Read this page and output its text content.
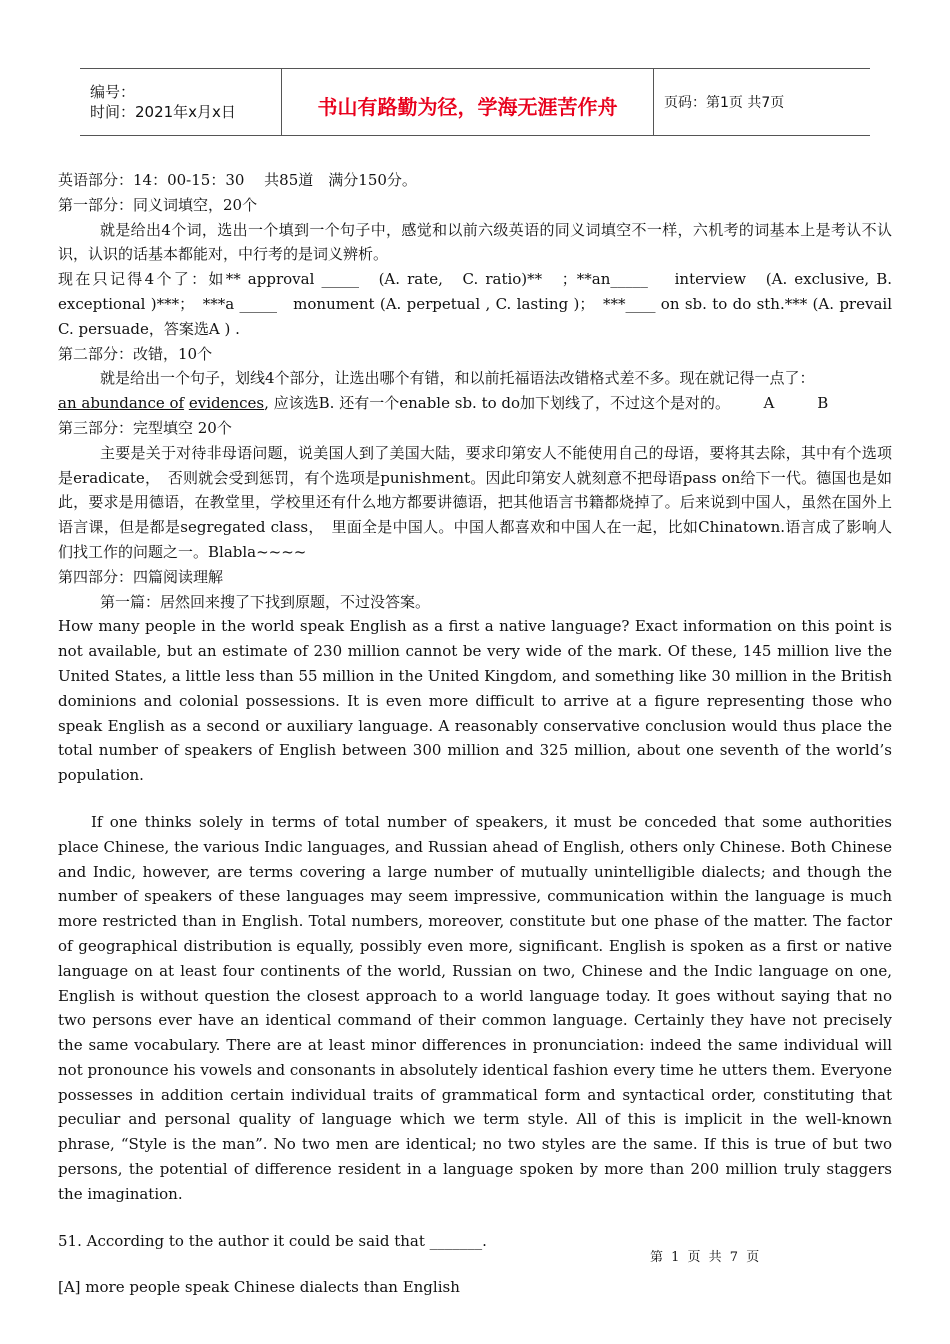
编号：
时间：2021年x月x日	书山有路勤为径，学海无涯苦作舟	页码：第1页 共7页

英语部分：14：00-15：30　 共85道　满分150分。

第一部分：同义词填空，20个

就是给出4个词，选出一个填到一个句子中，感觉和以前六级英语的同义词填空不一样，六机考的词基本上是考认不认识，认识的话基本都能对，中行考的是词义辨析。

现在只记得4个了：如** approval _____　(A. rate,　C. ratio)**　；**an_____　 interview　(A. exclusive, B. exceptional )***；　***a _____　monument (A. perpetual , C. lasting )；　***____ on sb. to do sth.*** (A. prevail C. persuade，答案选A ) .

第二部分：改错，10个

就是给出一个句子，划线4个部分，让选出哪个有错，和以前托福语法改错格式差不多。现在就记得一点了：

an abundance of evidences, 应该选B. 还有一个enable sb. to do加下划线了，不过这个是对的。 A	B

第三部分：完型填空 20个

主要是关于对待非母语问题，说美国人到了美国大陆，要求印第安人不能使用自己的母语，要将其去除，其中有个选项是eradicate，　否则就会受到惩罚，有个选项是punishment。因此印第安人就刻意不把母语pass on给下一代。德国也是如此，要求是用德语，在教堂里，学校里还有什么地方都要讲德语，把其他语言书籍都烧掉了。后来说到中国人，虽然在国外上语言课，但是都是segregated class，　里面全是中国人。中国人都喜欢和中国人在一起，比如Chinatown.语言成了影响人们找工作的问题之一。Blabla~~~~

第四部分：四篇阅读理解

第一篇：居然回来搜了下找到原题，不过没答案。

How many people in the world speak English as a first a native language? Exact information on this point is not available, but an estimate of 230 million cannot be very wide of the mark. Of these, 145 million live the United States, a little less than 55 million in the United Kingdom, and something like 30 million in the British dominions and colonial possessions. It is even more difficult to arrive at a figure representing those who speak English as a second or auxiliary language. A reasonably conservative conclusion would thus place the total number of speakers of English between 300 million and 325 million, about one seventh of the world’s population.

If one thinks solely in terms of total number of speakers, it must be conceded that some authorities place Chinese, the various Indic languages, and Russian ahead of English, others only Chinese. Both Chinese and Indic, however, are terms covering a large number of mutually unintelligible dialects; and though the number of speakers of these languages may seem impressive, communication within the language is much more restricted than in English. Total numbers, moreover, constitute but one phase of the matter. The factor of geographical distribution is equally, possibly even more, significant. English is spoken as a first or native language on at least four continents of the world, Russian on two, Chinese and the Indic language on one, English is without question the closest approach to a world language today. It goes without saying that no two persons ever have an identical command of their common language. Certainly they have not precisely the same vocabulary. There are at least minor differences in pronunciation: indeed the same individual will not pronounce his vowels and consonants in absolutely identical fashion every time he utters them. Everyone possesses in addition certain individual traits of grammatical form and syntactical order, constituting that peculiar and personal quality of language which we term style. All of this is implicit in the well-known phrase, “Style is the man”. No two men are identical; no two styles are the same. If this is true of but two persons, the potential of difference resident in a language spoken by more than 200 million truly staggers the imagination.

51. According to the author it could be said that _______.

[A] more people speak Chinese dialects than English

第 1 页 共 7 页
